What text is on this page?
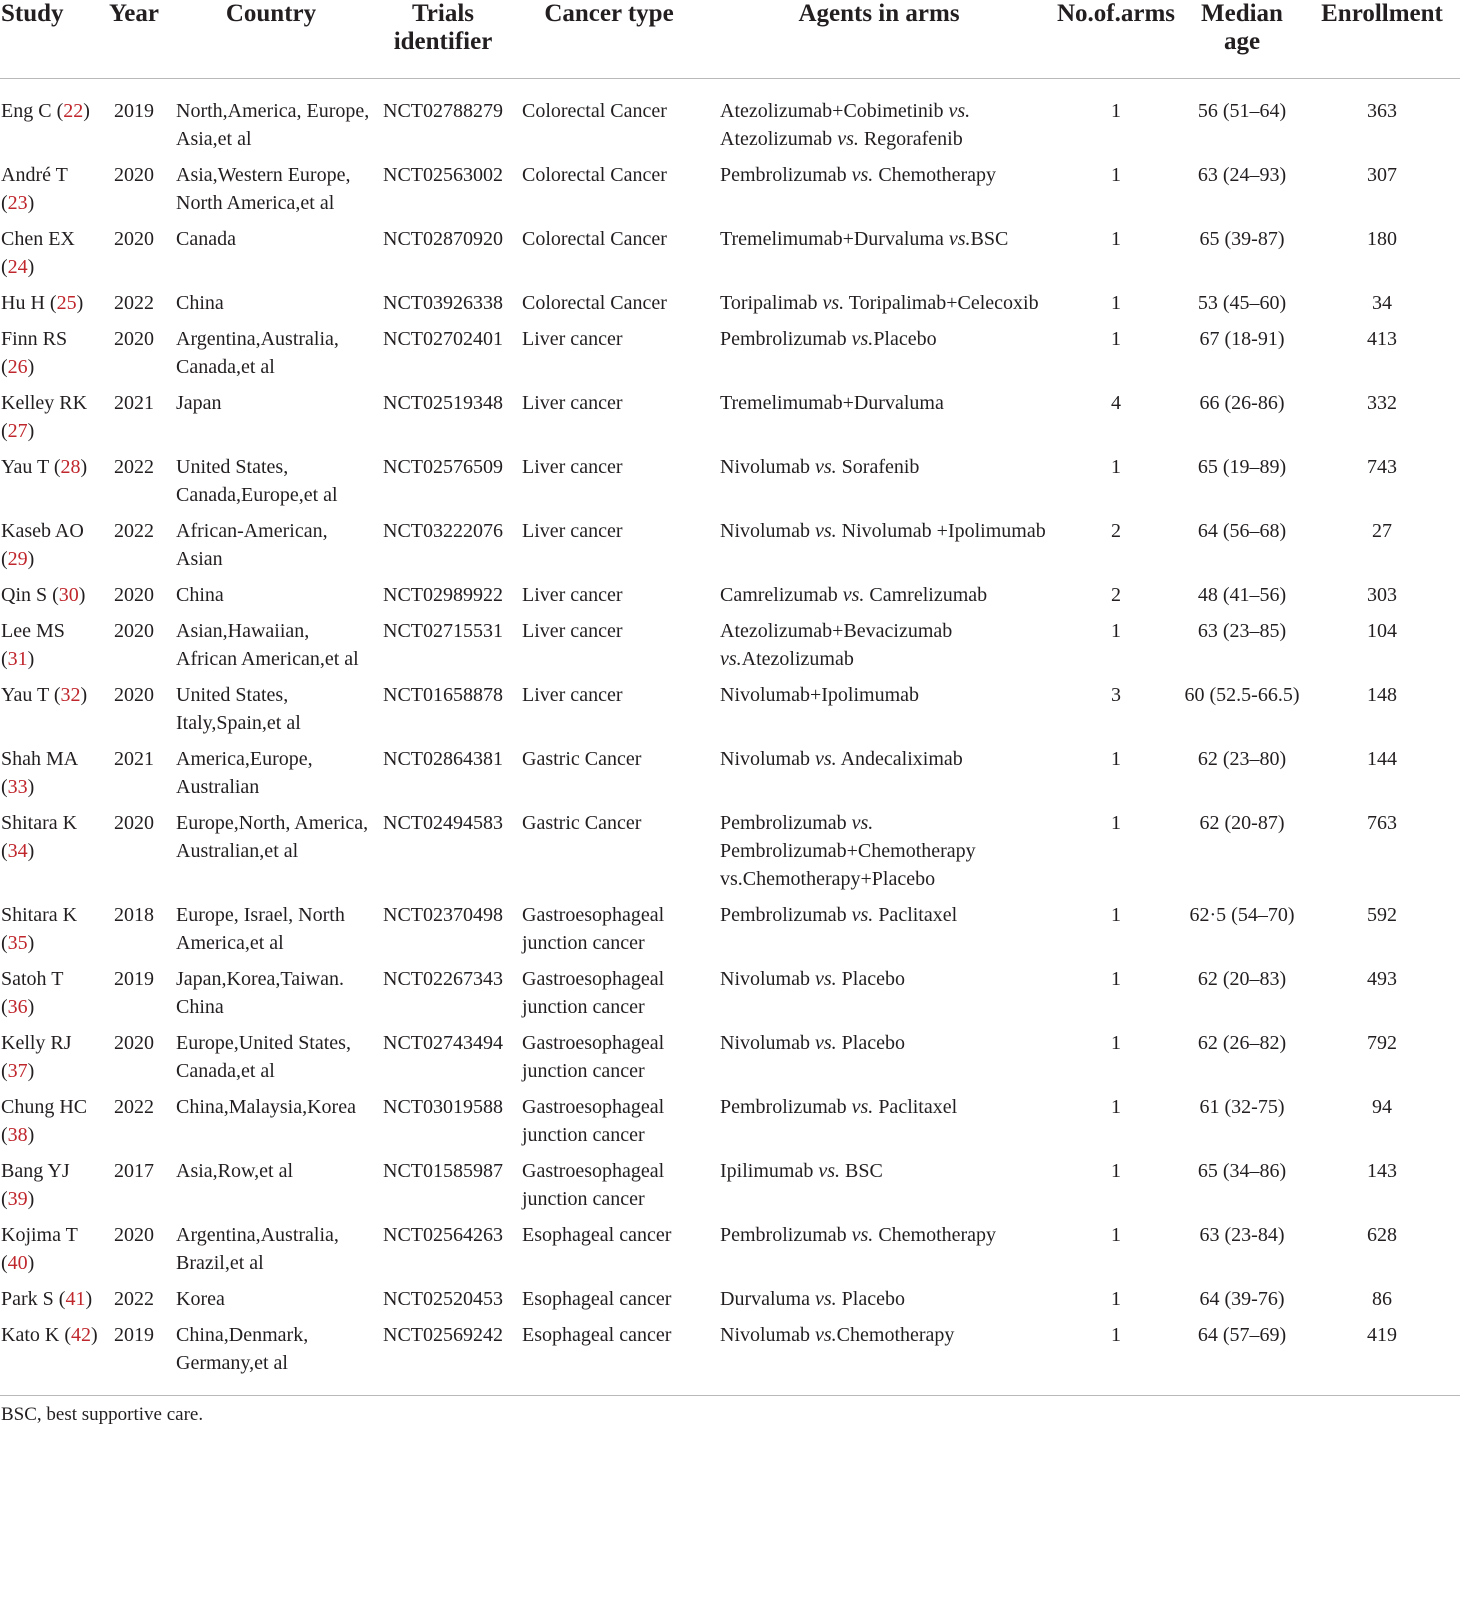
Study	Year	Country	Trials identifier	Cancer type	Agents in arms	No.of.arms	Median age	Enrollment
Eng C (22)	2019	North,America, Europe, Asia,et al	NCT02788279	Colorectal Cancer	Atezolizumab+Cobimetinib vs. Atezolizumab vs. Regorafenib	1	56 (51–64)	363
André T (23)	2020	Asia,Western Europe, North America,et al	NCT02563002	Colorectal Cancer	Pembrolizumab vs. Chemotherapy	1	63 (24–93)	307
Chen EX (24)	2020	Canada	NCT02870920	Colorectal Cancer	Tremelimumab+Durvaluma vs.BSC	1	65 (39-87)	180
Hu H (25)	2022	China	NCT03926338	Colorectal Cancer	Toripalimab vs. Toripalimab+Celecoxib	1	53 (45–60)	34
Finn RS (26)	2020	Argentina,Australia, Canada,et al	NCT02702401	Liver cancer	Pembrolizumab vs.Placebo	1	67 (18-91)	413
Kelley RK (27)	2021	Japan	NCT02519348	Liver cancer	Tremelimumab+Durvaluma	4	66 (26-86)	332
Yau T (28)	2022	United States, Canada,Europe,et al	NCT02576509	Liver cancer	Nivolumab vs. Sorafenib	1	65 (19–89)	743
Kaseb AO (29)	2022	African-American, Asian	NCT03222076	Liver cancer	Nivolumab vs. Nivolumab +Ipolimumab	2	64 (56–68)	27
Qin S (30)	2020	China	NCT02989922	Liver cancer	Camrelizumab vs. Camrelizumab	2	48 (41–56)	303
Lee MS (31)	2020	Asian,Hawaiian, African American,et al	NCT02715531	Liver cancer	Atezolizumab+Bevacizumab vs.Atezolizumab	1	63 (23–85)	104
Yau T (32)	2020	United States, Italy,Spain,et al	NCT01658878	Liver cancer	Nivolumab+Ipolimumab	3	60 (52.5-66.5)	148
Shah MA (33)	2021	America,Europe, Australian	NCT02864381	Gastric Cancer	Nivolumab vs. Andecaliximab	1	62 (23–80)	144
Shitara K (34)	2020	Europe,North, America, Australian,et al	NCT02494583	Gastric Cancer	Pembrolizumab vs. Pembrolizumab+Chemotherapy vs.Chemotherapy+Placebo	1	62 (20-87)	763
Shitara K (35)	2018	Europe, Israel, North America,et al	NCT02370498	Gastroesophageal junction cancer	Pembrolizumab vs. Paclitaxel	1	62·5 (54–70)	592
Satoh T (36)	2019	Japan,Korea,Taiwan. China	NCT02267343	Gastroesophageal junction cancer	Nivolumab vs. Placebo	1	62 (20–83)	493
Kelly RJ (37)	2020	Europe,United States, Canada,et al	NCT02743494	Gastroesophageal junction cancer	Nivolumab vs. Placebo	1	62 (26–82)	792
Chung HC (38)	2022	China,Malaysia,Korea	NCT03019588	Gastroesophageal junction cancer	Pembrolizumab vs. Paclitaxel	1	61 (32-75)	94
Bang YJ (39)	2017	Asia,Row,et al	NCT01585987	Gastroesophageal junction cancer	Ipilimumab vs. BSC	1	65 (34–86)	143
Kojima T (40)	2020	Argentina,Australia, Brazil,et al	NCT02564263	Esophageal cancer	Pembrolizumab vs. Chemotherapy	1	63 (23-84)	628
Park S (41)	2022	Korea	NCT02520453	Esophageal cancer	Durvaluma vs. Placebo	1	64 (39-76)	86
Kato K (42)	2019	China,Denmark, Germany,et al	NCT02569242	Esophageal cancer	Nivolumab vs.Chemotherapy	1	64 (57–69)	419
BSC, best supportive care.								
